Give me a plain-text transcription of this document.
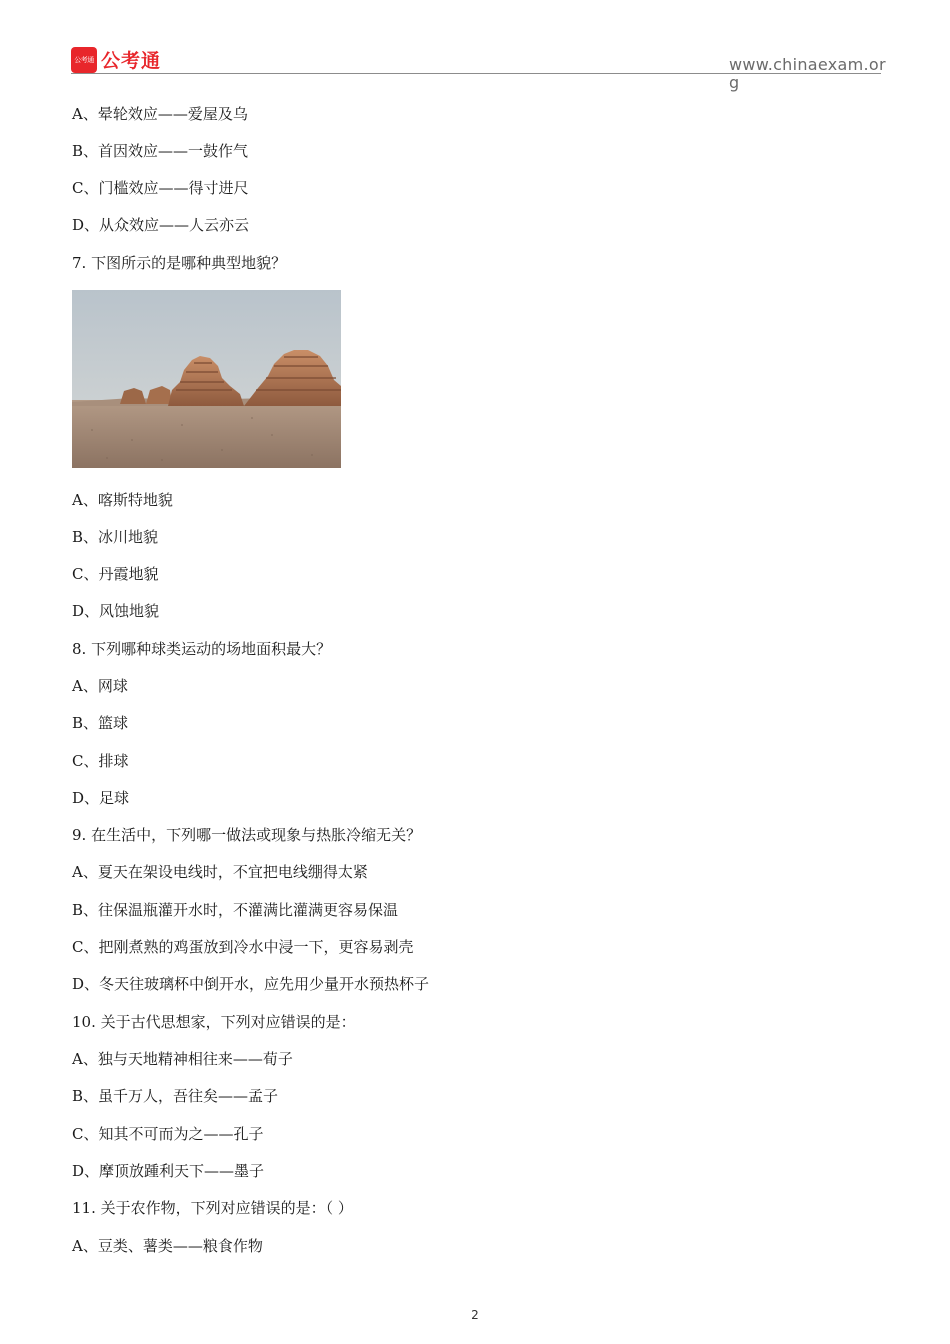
公考通 公考通	www.chinaexam.org
A、晕轮效应——爱屋及乌
B、首因效应——一鼓作气
C、门槛效应——得寸进尺
D、从众效应——人云亦云
7. 下图所示的是哪种典型地貌？
A、喀斯特地貌
B、冰川地貌
C、丹霞地貌
D、风蚀地貌
8. 下列哪种球类运动的场地面积最大？
A、网球
B、篮球
C、排球
D、足球
9. 在生活中，下列哪一做法或现象与热胀冷缩无关？
A、夏天在架设电线时，不宜把电线绷得太紧
B、往保温瓶灌开水时，不灌满比灌满更容易保温
C、把刚煮熟的鸡蛋放到冷水中浸一下，更容易剥壳
D、冬天往玻璃杯中倒开水，应先用少量开水预热杯子
10. 关于古代思想家，下列对应错误的是：
A、独与天地精神相往来——荀子
B、虽千万人，吾往矣——孟子
C、知其不可而为之——孔子
D、摩顶放踵利天下——墨子
11. 关于农作物，下列对应错误的是：（ ）
A、豆类、薯类——粮食作物
2
